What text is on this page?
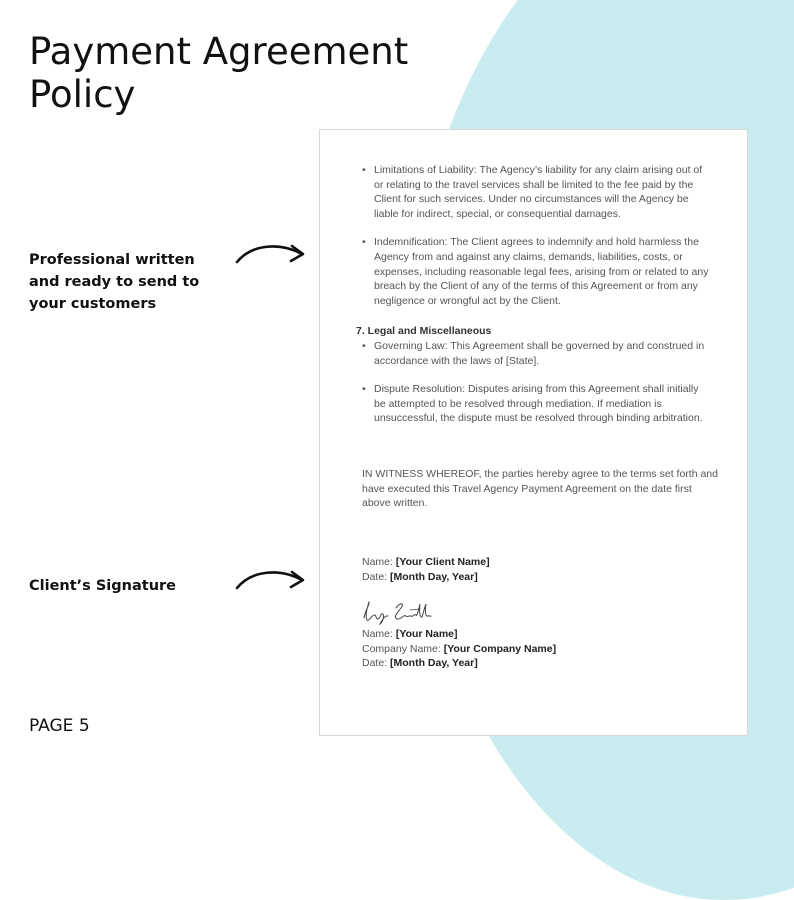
Payment Agreement
Policy
Professional written and ready to send to your customers
Client’s Signature

PAGE 5

• Limitations of Liability: The Agency’s liability for any claim arising out of or relating to the travel services shall be limited to the fee paid by the Client for such services. Under no circumstances will the Agency be liable for indirect, special, or consequential damages.
• Indemnification: The Client agrees to indemnify and hold harmless the Agency from and against any claims, demands, liabilities, costs, or expenses, including reasonable legal fees, arising from or related to any breach by the Client of any of the terms of this Agreement or from any negligence or wrongful act by the Client.
7. Legal and Miscellaneous
• Governing Law: This Agreement shall be governed by and construed in accordance with the laws of [State].
• Dispute Resolution: Disputes arising from this Agreement shall initially be attempted to be resolved through mediation. If mediation is unsuccessful, the dispute must be resolved through binding arbitration.

IN WITNESS WHEREOF, the parties hereby agree to the terms set forth and have executed this Travel Agency Payment Agreement on the date first above written.

Name: [Your Client Name]
Date: [Month Day, Year]
Name: [Your Name]
Company Name: [Your Company Name]
Date: [Month Day, Year]
